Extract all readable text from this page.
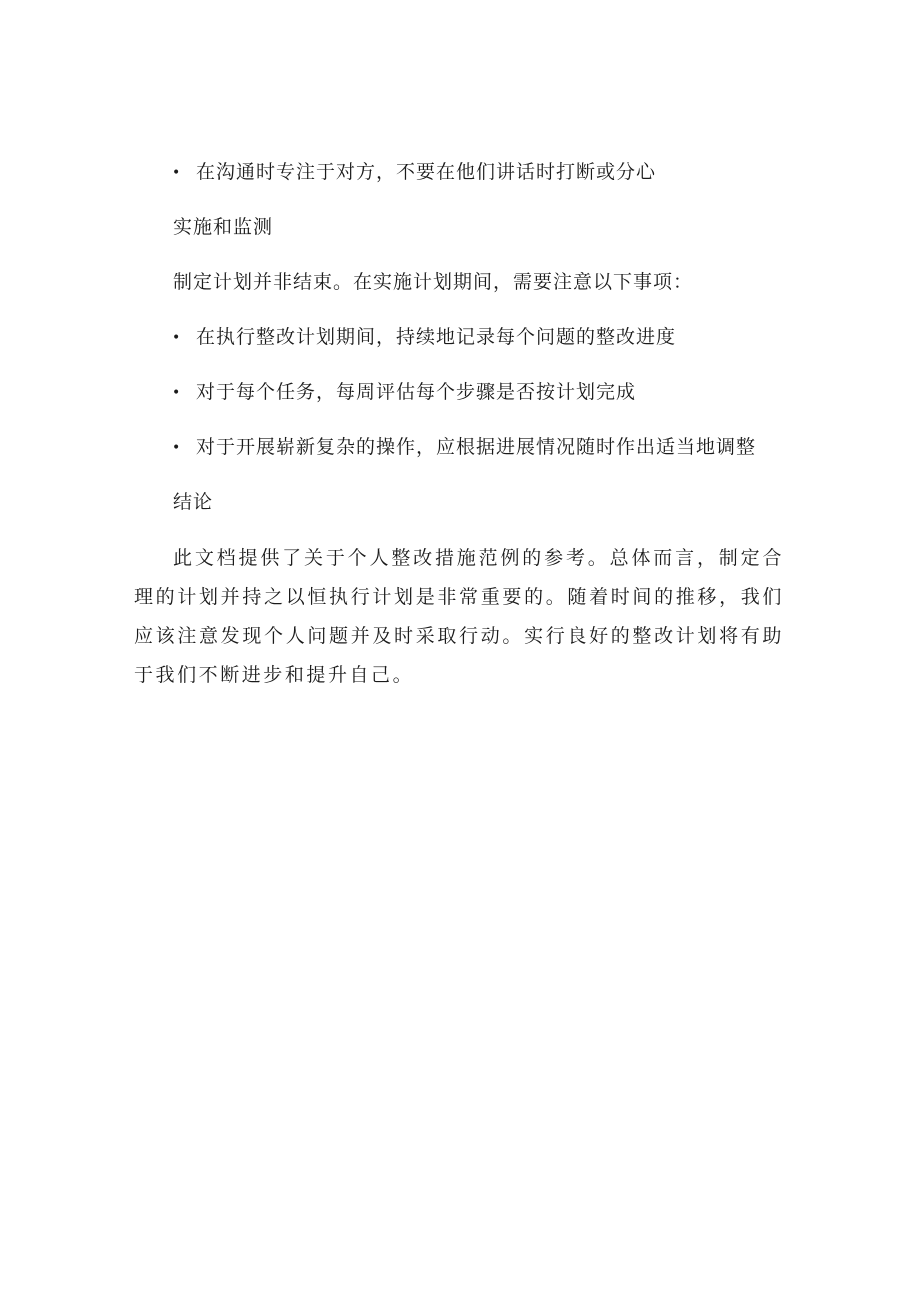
• 在沟通时专注于对方，不要在他们讲话时打断或分心
实施和监测
制定计划并非结束。在实施计划期间，需要注意以下事项：
• 在执行整改计划期间，持续地记录每个问题的整改进度
• 对于每个任务，每周评估每个步骤是否按计划完成
• 对于开展崭新复杂的操作，应根据进展情况随时作出适当地调整
结论
此文档提供了关于个人整改措施范例的参考。总体而言，制定合理的计划并持之以恒执行计划是非常重要的。随着时间的推移，我们应该注意发现个人问题并及时采取行动。实行良好的整改计划将有助于我们不断进步和提升自己。
